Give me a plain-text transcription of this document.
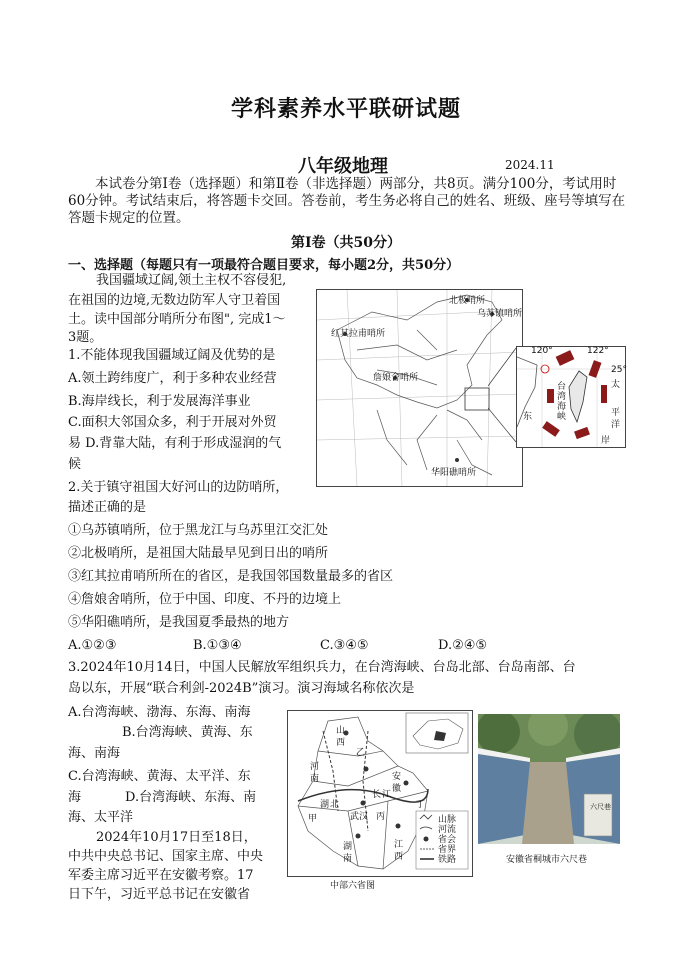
学科素养水平联研试题
八年级地理	2024.11
本试卷分第Ⅰ卷（选择题）和第Ⅱ卷（非选择题）两部分，共8页。满分100分，考试用时60分钟。考试结束后，将答题卡交回。答卷前，考生务必将自己的姓名、班级、座号等填写在答题卡规定的位置。
第Ⅰ卷（共50分）
一、选择题（每题只有一项最符合题目要求，每小题2分，共50分）
我国疆域辽阔,领土主权不容侵犯,
在祖国的边境,无数边防军人守卫着国
土。读中国部分哨所分布图", 完成1～
3题。
1.不能体现我国疆域辽阔及优势的是
A.领土跨纬度广，利于多种农业经营
B.海岸线长，利于发展海洋事业
C.面积大邻国众多，利于开展对外贸
易 D.背靠大陆，有利于形成湿润的气
候
2.关于镇守祖国大好河山的边防哨所，
描述正确的是
①乌苏镇哨所，位于黑龙江与乌苏里江交汇处
②北极哨所，是祖国大陆最早见到日出的哨所
③红其拉甫哨所所在的省区，是我国邻国数量最多的省区
④詹娘舍哨所，位于中国、印度、不丹的边境上
⑤华阳礁哨所，是我国夏季最热的地方
A.①②③	B.①③④	C.③④⑤	D.②④⑤
3.2024年10月14日，中国人民解放军组织兵力，在台湾海峡、台岛北部、台岛南部、台
岛以东，开展“联合利剑-2024B”演习。演习海域名称依次是
A.台湾海峡、渤海、东海、南海
B.台湾海峡、黄海、东
海、南海
C.台湾海峡、黄海、太平洋、东
海	D.台湾海峡、东海、南
海、太平洋
2024年10月17日至18日，
中共中央总书记、国家主席、中央
军委主席习近平在安徽考察。17
日下午，习近平总书记在安徽省
北极哨所
乌苏镇哨所
红其拉甫哨所
詹娘舍哨所
华阳礁哨所
120°	122°
25°
台
湾
海
峡
太
平
洋
东
岸
山脉
河流
省会
省界
铁路
山
西
河
南	安
徽
湖 北
江
西
湖
南
甲
乙
丙
丁
长 江
武汉
中部六省图
六尺巷
安徽省桐城市六尺巷
